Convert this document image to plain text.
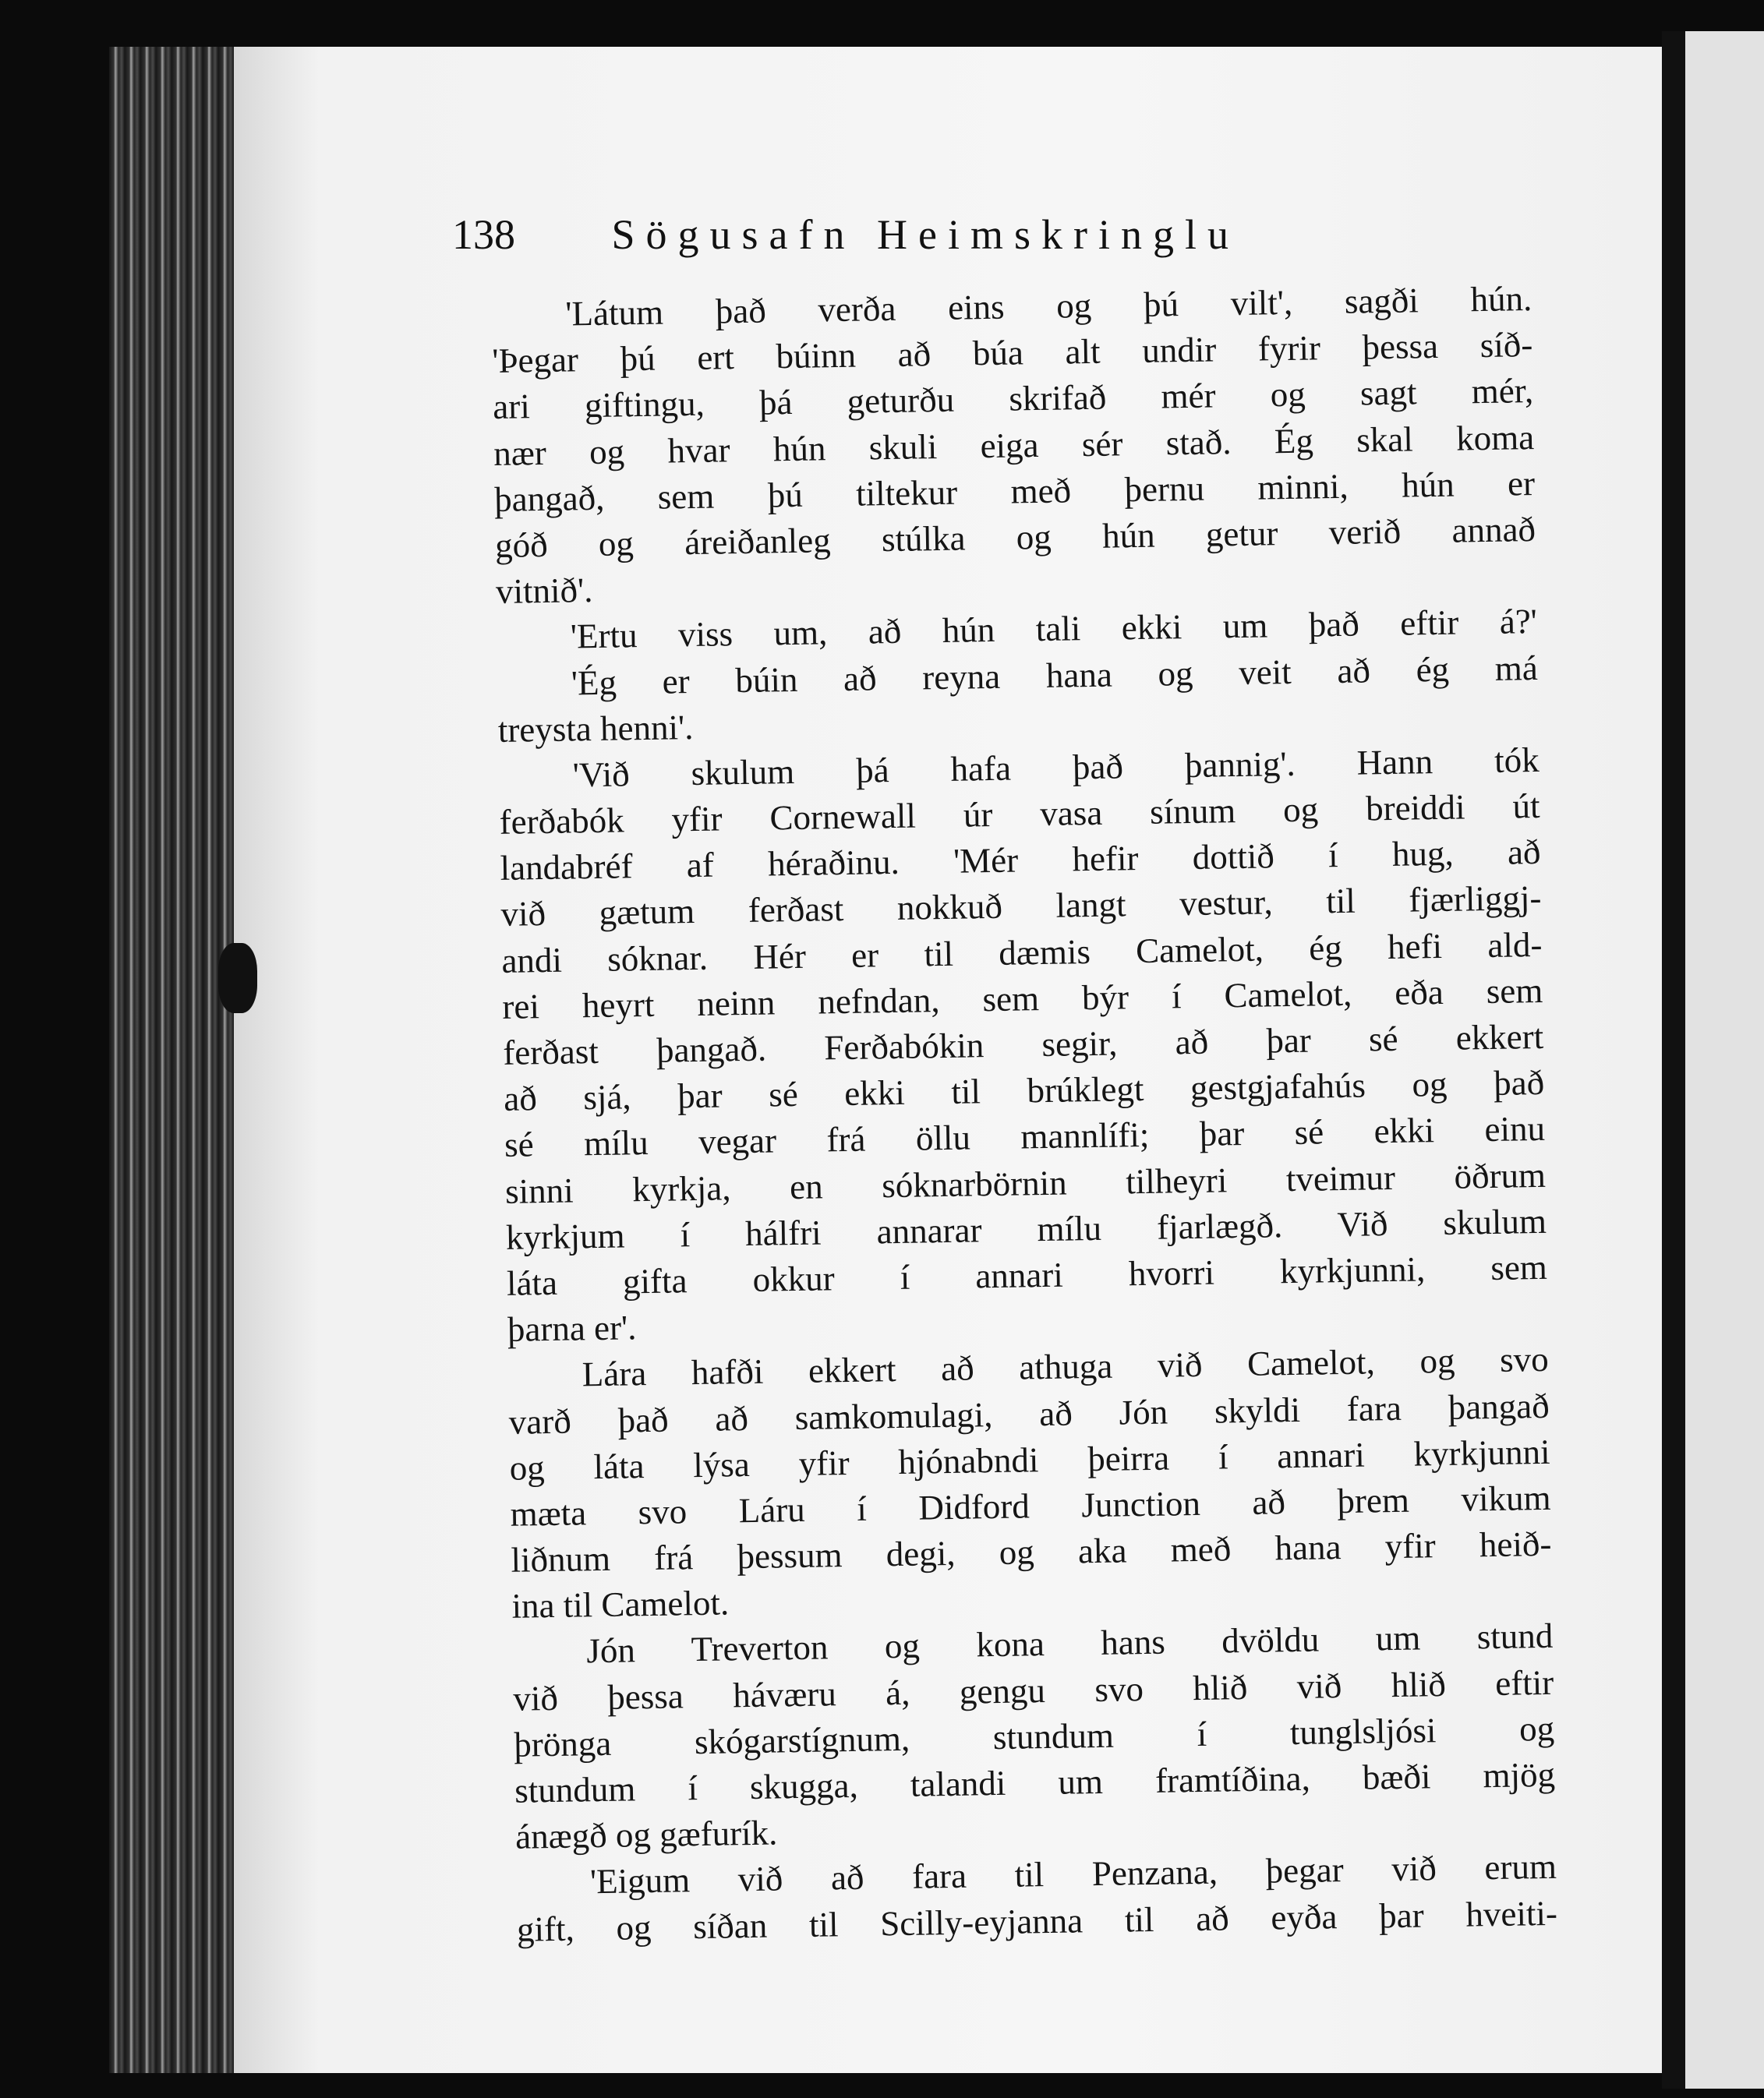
138 Sögusafn Heimskringlu
'Látum það verða eins og þú vilt', sagði hún.
'Þegar þú ert búinn að búa alt undir fyrir þessa síð-
ari giftingu, þá geturðu skrifað mér og sagt mér,
nær og hvar hún skuli eiga sér stað. Ég skal koma
þangað, sem þú tiltekur með þernu minni, hún er
góð og áreiðanleg stúlka og hún getur verið annað
vitnið'.
'Ertu viss um, að hún tali ekki um það eftir á?'
'Ég er búin að reyna hana og veit að ég má
treysta henni'.
'Við skulum þá hafa það þannig'. Hann tók
ferðabók yfir Cornewall úr vasa sínum og breiddi út
landabréf af héraðinu. 'Mér hefir dottið í hug, að
við gætum ferðast nokkuð langt vestur, til fjærliggj-
andi sóknar. Hér er til dæmis Camelot, ég hefi ald-
rei heyrt neinn nefndan, sem býr í Camelot, eða sem
ferðast þangað. Ferðabókin segir, að þar sé ekkert
að sjá, þar sé ekki til brúklegt gestgjafahús og það
sé mílu vegar frá öllu mannlífi; þar sé ekki einu
sinni kyrkja, en sóknarbörnin tilheyri tveimur öðrum
kyrkjum í hálfri annarar mílu fjarlægð. Við skulum
láta gifta okkur í annari hvorri kyrkjunni, sem
þarna er'.
Lára hafði ekkert að athuga við Camelot, og svo
varð það að samkomulagi, að Jón skyldi fara þangað
og láta lýsa yfir hjónabndi þeirra í annari kyrkjunni
mæta svo Láru í Didford Junction að þrem vikum
liðnum frá þessum degi, og aka með hana yfir heið-
ina til Camelot.
Jón Treverton og kona hans dvöldu um stund
við þessa háværu á, gengu svo hlið við hlið eftir
þrönga skógarstígnum, stundum í tunglsljósi og
stundum í skugga, talandi um framtíðina, bæði mjög
ánægð og gæfurík.
'Eigum við að fara til Penzana, þegar við erum
gift, og síðan til Scilly-eyjanna til að eyða þar hveiti-
